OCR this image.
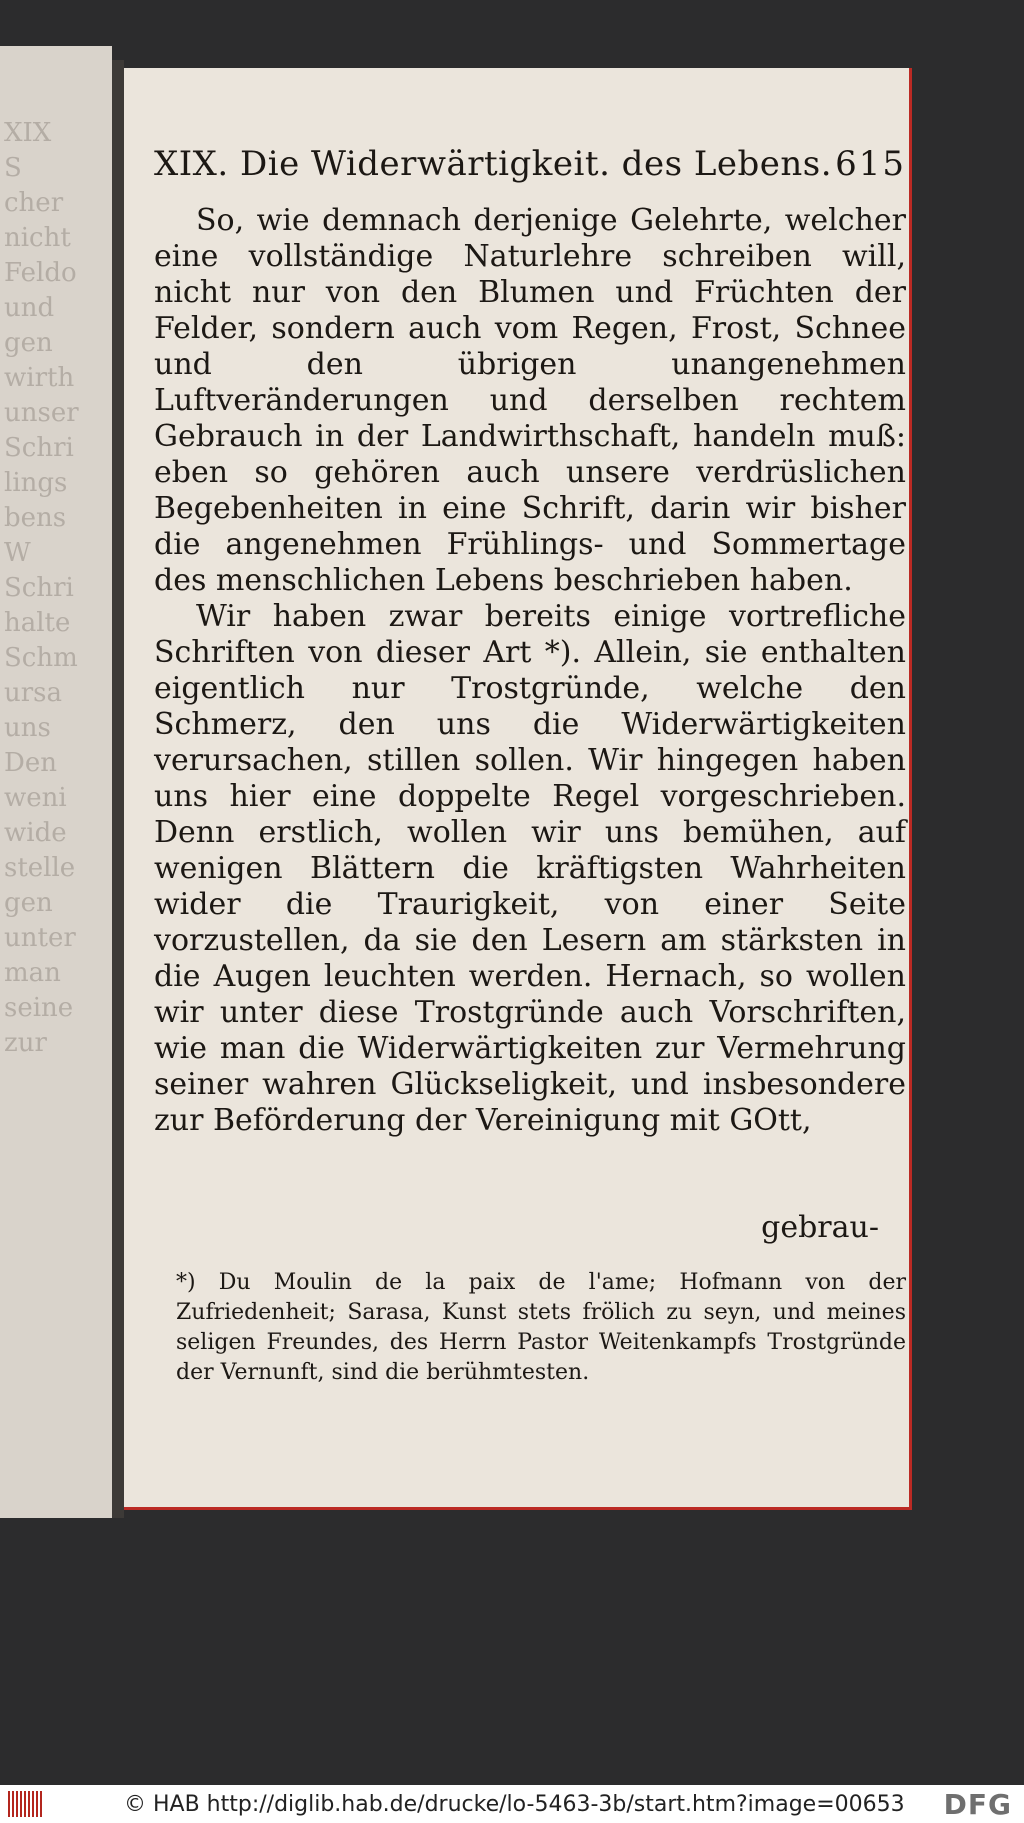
XIX
S
cher
nicht
Feldo
und
gen
wirth
unser
Schri
lings
bens
W
Schri
halte
Schm
ursa
uns
Den
weni
wide
stelle
gen
unter
man
seine
zur
XIX. Die Widerwärtigkeit. des Lebens. 615

So, wie demnach derjenige Gelehrte, welcher eine vollständige Naturlehre schreiben will, nicht nur von den Blumen und Früchten der Felder, sondern auch vom Regen, Frost, Schnee und den übrigen unangenehmen Luftveränderungen und derselben rechtem Gebrauch in der Landwirthschaft, handeln muß: eben so gehören auch unsere verdrüslichen Begebenheiten in eine Schrift, darin wir bisher die angenehmen Frühlings- und Sommertage des menschlichen Lebens beschrieben haben.

Wir haben zwar bereits einige vortrefliche Schriften von dieser Art *). Allein, sie enthalten eigentlich nur Trostgründe, welche den Schmerz, den uns die Widerwärtigkeiten verursachen, stillen sollen. Wir hingegen haben uns hier eine doppelte Regel vorgeschrieben. Denn erstlich, wollen wir uns bemühen, auf wenigen Blättern die kräftigsten Wahrheiten wider die Traurigkeit, von einer Seite vorzustellen, da sie den Lesern am stärksten in die Augen leuchten werden. Hernach, so wollen wir unter diese Trostgründe auch Vorschriften, wie man die Widerwärtigkeiten zur Vermehrung seiner wahren Glückseligkeit, und insbesondere zur Beförderung der Vereinigung mit GOtt,

gebrau-
*) Du Moulin de la paix de l'ame; Hofmann von der Zufriedenheit; Sarasa, Kunst stets frölich zu seyn, und meines seligen Freundes, des Herrn Pastor Weitenkampfs Trostgründe der Vernunft, sind die berühmtesten.
© HAB http://diglib.hab.de/drucke/lo-5463-3b/start.htm?image=00653 DFG
